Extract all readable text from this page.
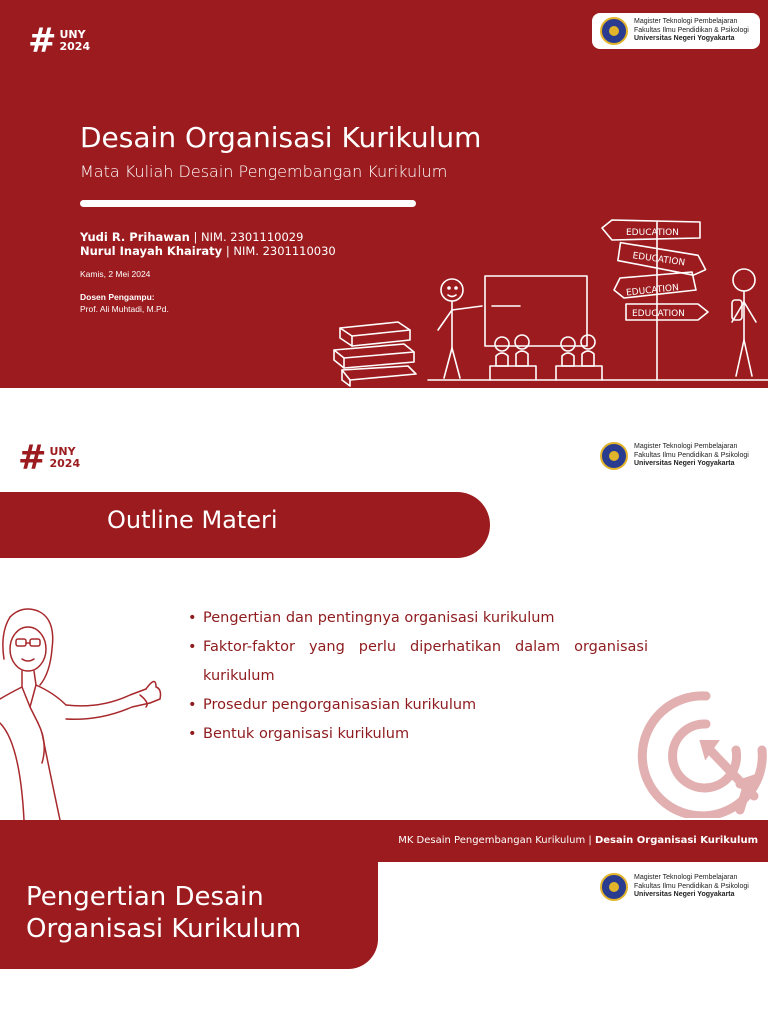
# UNY
2024
Magister Teknologi Pembelajaran
Fakultas Ilmu Pendidikan & Psikologi
Universitas Negeri Yogyakarta
Desain Organisasi Kurikulum
Mata Kuliah Desain Pengembangan Kurikulum
Yudi R. Prihawan | NIM. 2301110029
Nurul Inayah Khairaty | NIM. 2301110030
Kamis, 2 Mei 2024
Dosen Pengampu:
Prof. Ali Muhtadi, M.Pd.
EDUCATION
EDUCATION
EDUCATION
EDUCATION
# UNY
2024
Magister Teknologi Pembelajaran
Fakultas Ilmu Pendidikan & Psikologi
Universitas Negeri Yogyakarta
Outline Materi
• Pengertian dan pentingnya organisasi kurikulum
• Faktor-faktor yang perlu diperhatikan dalam organisasi kurikulum
• Prosedur pengorganisasian kurikulum
• Bentuk organisasi kurikulum
MK Desain Pengembangan Kurikulum | Desain Organisasi Kurikulum
Magister Teknologi Pembelajaran
Fakultas Ilmu Pendidikan & Psikologi
Universitas Negeri Yogyakarta
Pengertian Desain
Organisasi Kurikulum
